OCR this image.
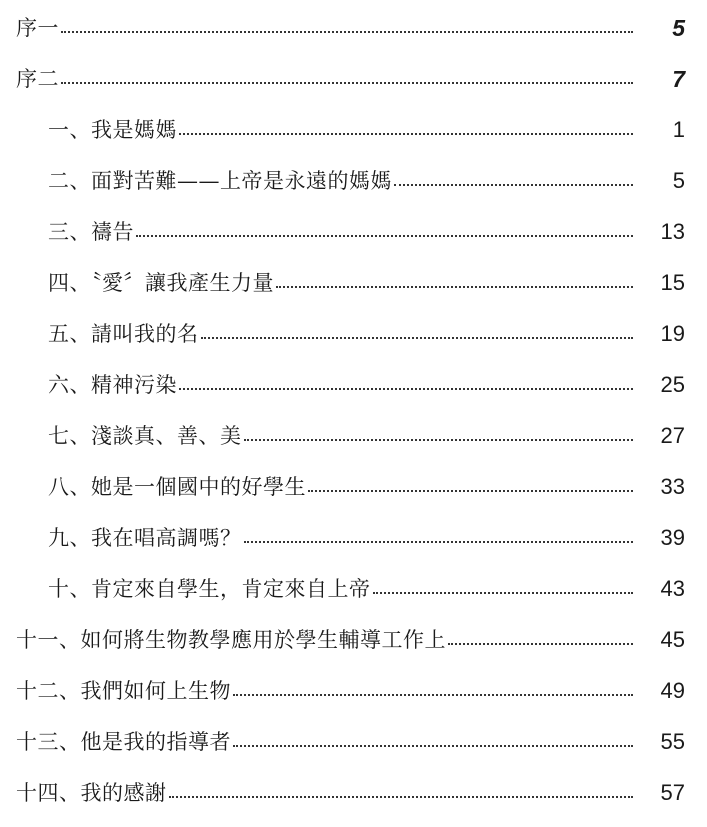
序一	5
序二	7
一、我是媽媽	1
二、面對苦難——上帝是永遠的媽媽	5
三、禱告	13
四、〝愛〞讓我產生力量	15
五、請叫我的名	19
六、精神污染	25
七、淺談真、善、美	27
八、她是一個國中的好學生	33
九、我在唱高調嗎？	39
十、肯定來自學生，肯定來自上帝	43
十一、如何將生物教學應用於學生輔導工作上	45
十二、我們如何上生物	49
十三、他是我的指導者	55
十四、我的感謝	57
